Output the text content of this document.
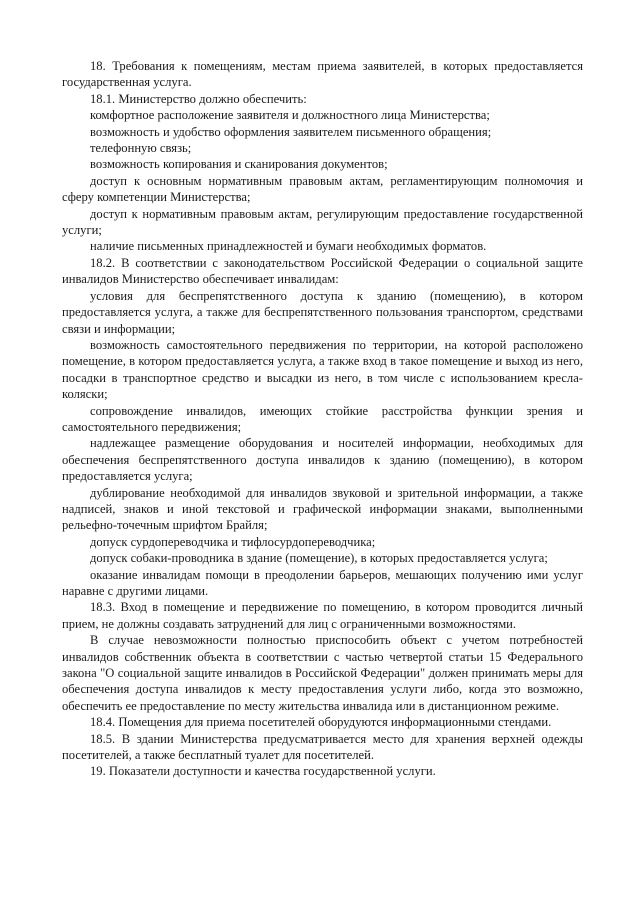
18. Требования к помещениям, местам приема заявителей, в которых предоставляется государственная услуга.

18.1. Министерство должно обеспечить:

комфортное расположение заявителя и должностного лица Министерства;

возможность и удобство оформления заявителем письменного обращения;

телефонную связь;

возможность копирования и сканирования документов;

доступ к основным нормативным правовым актам, регламентирующим полномочия и сферу компетенции Министерства;

доступ к нормативным правовым актам, регулирующим предоставление государственной услуги;

наличие письменных принадлежностей и бумаги необходимых форматов.

18.2. В соответствии с законодательством Российской Федерации о социальной защите инвалидов Министерство обеспечивает инвалидам:

условия для беспрепятственного доступа к зданию (помещению), в котором предоставляется услуга, а также для беспрепятственного пользования транспортом, средствами связи и информации;

возможность самостоятельного передвижения по территории, на которой расположено помещение, в котором предоставляется услуга, а также вход в такое помещение и выход из него, посадки в транспортное средство и высадки из него, в том числе с использованием кресла-коляски;

сопровождение инвалидов, имеющих стойкие расстройства функции зрения и самостоятельного передвижения;

надлежащее размещение оборудования и носителей информации, необходимых для обеспечения беспрепятственного доступа инвалидов к зданию (помещению), в котором предоставляется услуга;

дублирование необходимой для инвалидов звуковой и зрительной информации, а также надписей, знаков и иной текстовой и графической информации знаками, выполненными рельефно-точечным шрифтом Брайля;

допуск сурдопереводчика и тифлосурдопереводчика;

допуск собаки-проводника в здание (помещение), в которых предоставляется услуга;

оказание инвалидам помощи в преодолении барьеров, мешающих получению ими услуг наравне с другими лицами.

18.3. Вход в помещение и передвижение по помещению, в котором проводится личный прием, не должны создавать затруднений для лиц с ограниченными возможностями.

В случае невозможности полностью приспособить объект с учетом потребностей инвалидов собственник объекта в соответствии с частью четвертой статьи 15 Федерального закона "О социальной защите инвалидов в Российской Федерации" должен принимать меры для обеспечения доступа инвалидов к месту предоставления услуги либо, когда это возможно, обеспечить ее предоставление по месту жительства инвалида или в дистанционном режиме.

18.4. Помещения для приема посетителей оборудуются информационными стендами.

18.5. В здании Министерства предусматривается место для хранения верхней одежды посетителей, а также бесплатный туалет для посетителей.

19. Показатели доступности и качества государственной услуги.
